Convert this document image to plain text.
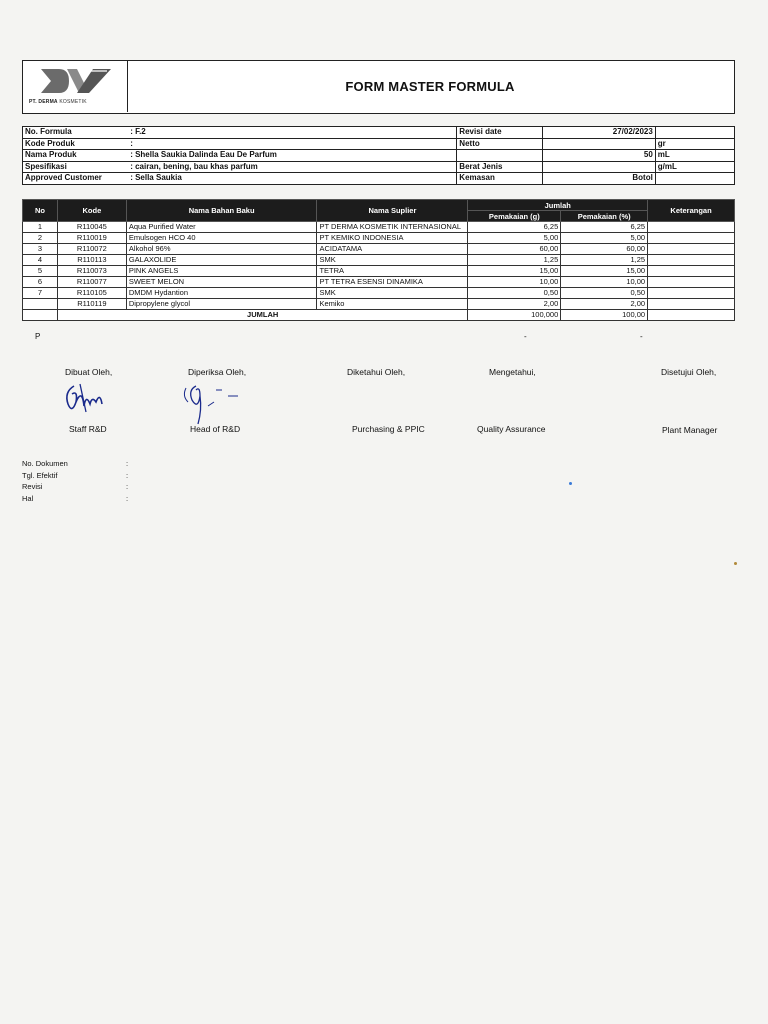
PT. DERMA KOSMETIK
FORM MASTER FORMULA
No. Formula	: F.2	Revisi date	27/02/2023	
Kode Produk	:	Netto		gr
Nama Produk	: Shella Saukia Dalinda Eau De Parfum		50	mL
Spesifikasi	: cairan, bening, bau khas parfum	Berat Jenis		g/mL
Approved Customer	: Sella Saukia	Kemasan	Botol	
No	Kode	Nama Bahan Baku	Nama Suplier	Jumlah		Keterangan
				Pemakaian (g)	Pemakaian (%)	
1	R110045	Aqua Purified Water	PT DERMA KOSMETIK INTERNASIONAL	6,25	6,25	
2	R110019	Emulsogen HCO 40	PT KEMIKO INDONESIA	5,00	5,00	
3	R110072	Alkohol 96%	ACIDATAMA	60,00	60,00	
4	R110113	GALAXOLIDE	SMK	1,25	1,25	
5	R110073	PINK ANGELS	TETRA	15,00	15,00	
6	R110077	SWEET MELON	PT TETRA ESENSI DINAMIKA	10,00	10,00	
7	R110105	DMDM Hydantion	SMK	0,50	0,50	
	R110119	Dipropylene glycol	Kemiko	2,00	2,00	
	JUMLAH			100,000	100,00	
P	-	-
Dibuat Oleh,	Diperiksa Oleh,	Diketahui Oleh,	Mengetahui,	Disetujui Oleh,
Staff R&D	Head of R&D	Purchasing & PPIC	Quality Assurance	Plant Manager
No. Dokumen	:
Tgl. Efektif	:
Revisi	:
Hal	:
